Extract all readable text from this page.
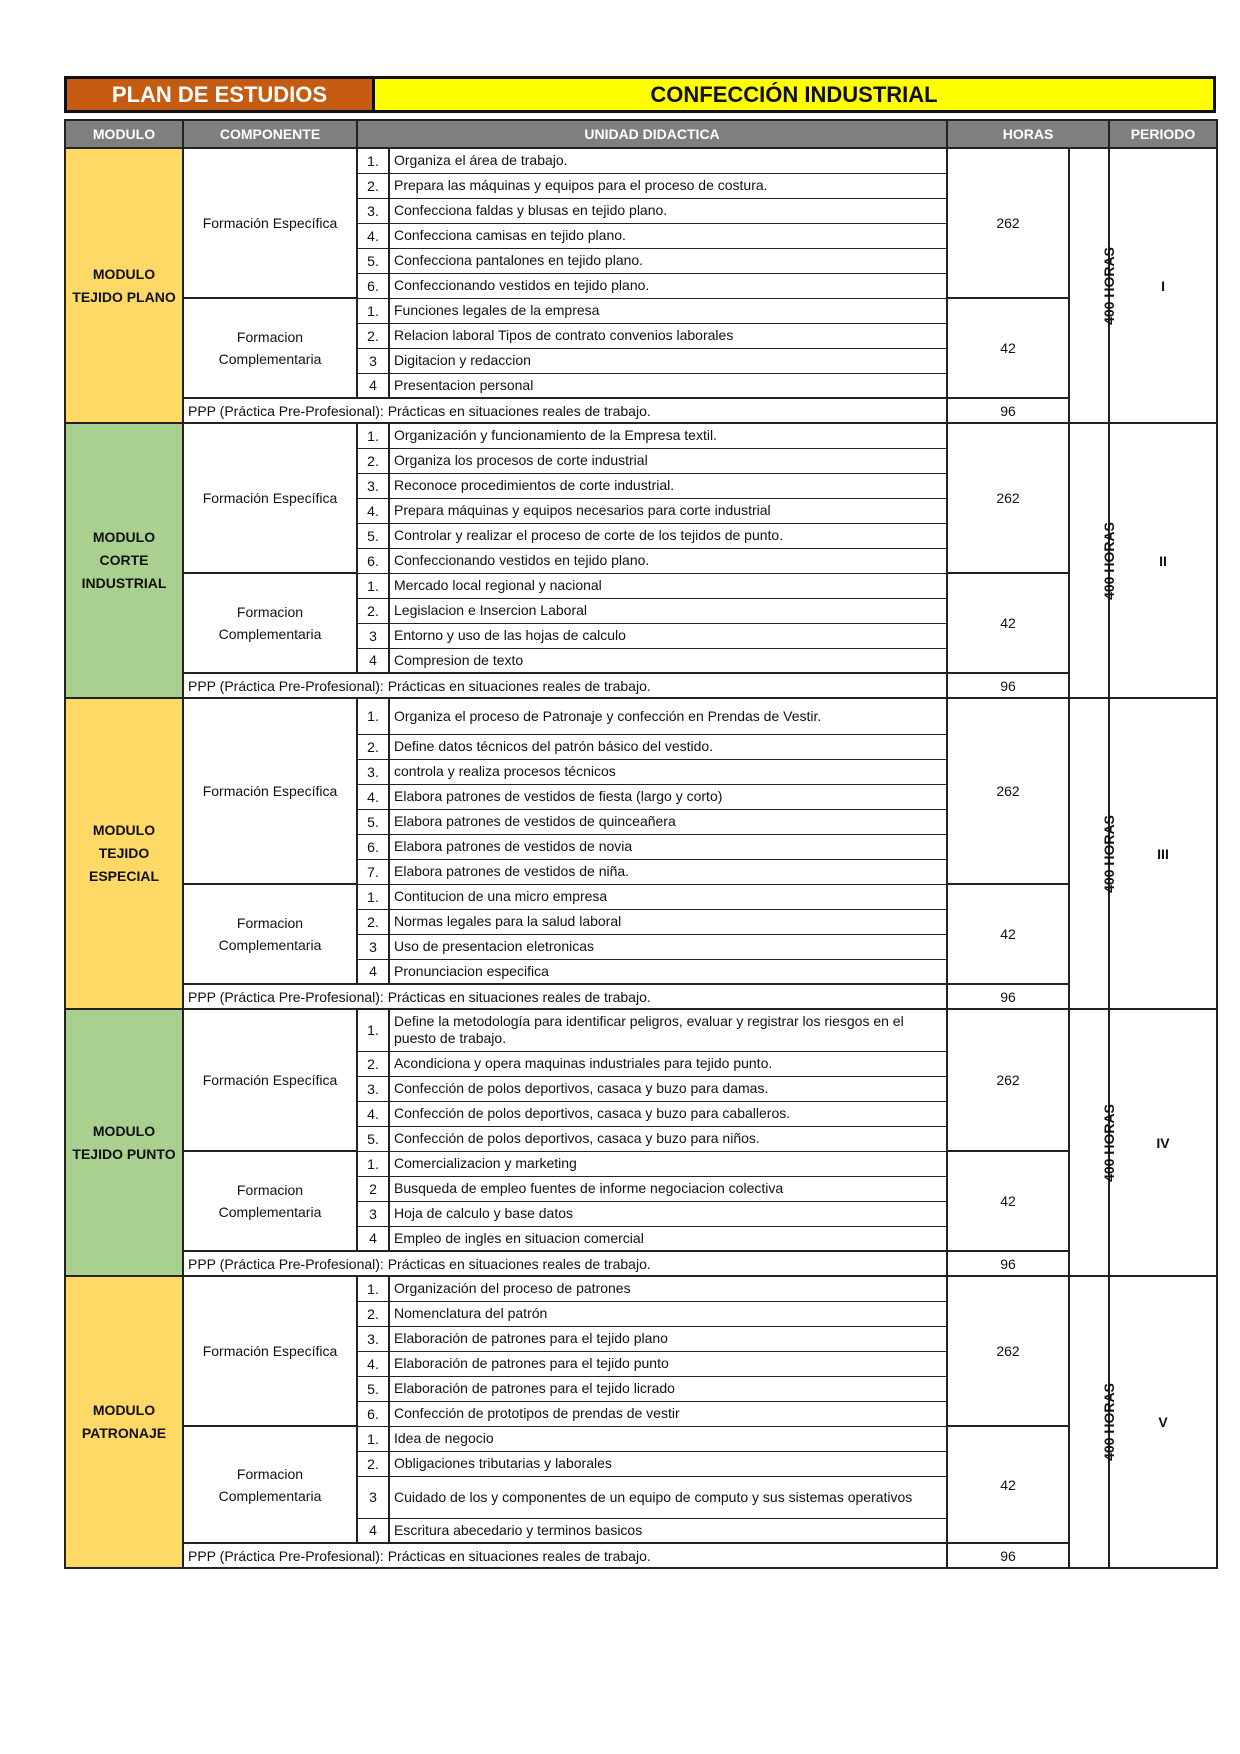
PLAN DE ESTUDIOS	CONFECCIÓN INDUSTRIAL
MODULO	COMPONENTE	UNIDAD DIDACTICA		HORAS		PERIODO
MODULO TEJIDO PLANO	Formación Específica	1.	Organiza el área de trabajo.	262	400 HORAS	I
		2.	Prepara las máquinas y equipos para el proceso de costura.			
		3.	Confecciona faldas y blusas en tejido plano.			
		4.	Confecciona camisas en tejido plano.			
		5.	Confecciona pantalones en tejido plano.			
		6.	Confeccionando vestidos en tejido plano.			
	Formacion Complementaria	1.	Funciones legales de la empresa	42		
		2.	Relacion laboral Tipos de contrato convenios laborales			
		3	Digitacion y redaccion			
		4	Presentacion personal			
	PPP (Práctica Pre-Profesional): Prácticas en situaciones reales de trabajo.			96		
MODULO CORTE INDUSTRIAL	Formación Específica	1.	Organización y funcionamiento de la Empresa textil.	262	400 HORAS	II
		2.	Organiza los procesos de corte industrial			
		3.	Reconoce procedimientos de corte industrial.			
		4.	Prepara máquinas y equipos necesarios para corte industrial			
		5.	Controlar y realizar el proceso de corte de los tejidos de punto.			
		6.	Confeccionando vestidos en tejido plano.			
	Formacion Complementaria	1.	Mercado local regional y nacional	42		
		2.	Legislacion e Insercion Laboral			
		3	Entorno y uso de las hojas de calculo			
		4	Compresion de texto			
	PPP (Práctica Pre-Profesional): Prácticas en situaciones reales de trabajo.			96		
MODULO TEJIDO ESPECIAL	Formación Específica	1.	Organiza el proceso de Patronaje y confección en Prendas de Vestir.	262	400 HORAS	III
		2.	Define datos técnicos del patrón básico del vestido.			
		3.	controla y realiza procesos técnicos			
		4.	Elabora patrones de vestidos de fiesta (largo y corto)			
		5.	Elabora patrones de vestidos de quinceañera			
		6.	Elabora patrones de vestidos de novia			
		7.	Elabora patrones de vestidos de niña.			
	Formacion Complementaria	1.	Contitucion de una micro empresa	42		
		2.	Normas legales para la salud laboral			
		3	Uso de presentacion eletronicas			
		4	Pronunciacion especifica			
	PPP (Práctica Pre-Profesional): Prácticas en situaciones reales de trabajo.			96		
MODULO TEJIDO PUNTO	Formación Específica	1.	Define la metodología para identificar peligros, evaluar y registrar los riesgos en el puesto de trabajo.	262	400 HORAS	IV
		2.	Acondiciona y opera maquinas industriales para tejido punto.			
		3.	Confección de polos deportivos, casaca y buzo para damas.			
		4.	Confección de polos deportivos, casaca y buzo para caballeros.			
		5.	Confección de polos deportivos, casaca y buzo para niños.			
	Formacion Complementaria	1.	Comercializacion y marketing	42		
		2	Busqueda de empleo fuentes de informe negociacion colectiva			
		3	Hoja de calculo y base datos			
		4	Empleo de ingles en situacion comercial			
	PPP (Práctica Pre-Profesional): Prácticas en situaciones reales de trabajo.			96		
MODULO PATRONAJE	Formación Específica	1.	Organización del proceso de patrones	262	400 HORAS	V
		2.	Nomenclatura del patrón			
		3.	Elaboración de patrones para el tejido plano			
		4.	Elaboración de patrones para el tejido punto			
		5.	Elaboración de patrones para el tejido licrado			
		6.	Confección de prototipos de prendas de vestir			
	Formacion Complementaria	1.	Idea de negocio	42		
		2.	Obligaciones tributarias y laborales			
		3	Cuidado de los y componentes de un equipo de computo y sus sistemas operativos			
		4	Escritura abecedario y terminos basicos			
	PPP (Práctica Pre-Profesional): Prácticas en situaciones reales de trabajo.			96		
